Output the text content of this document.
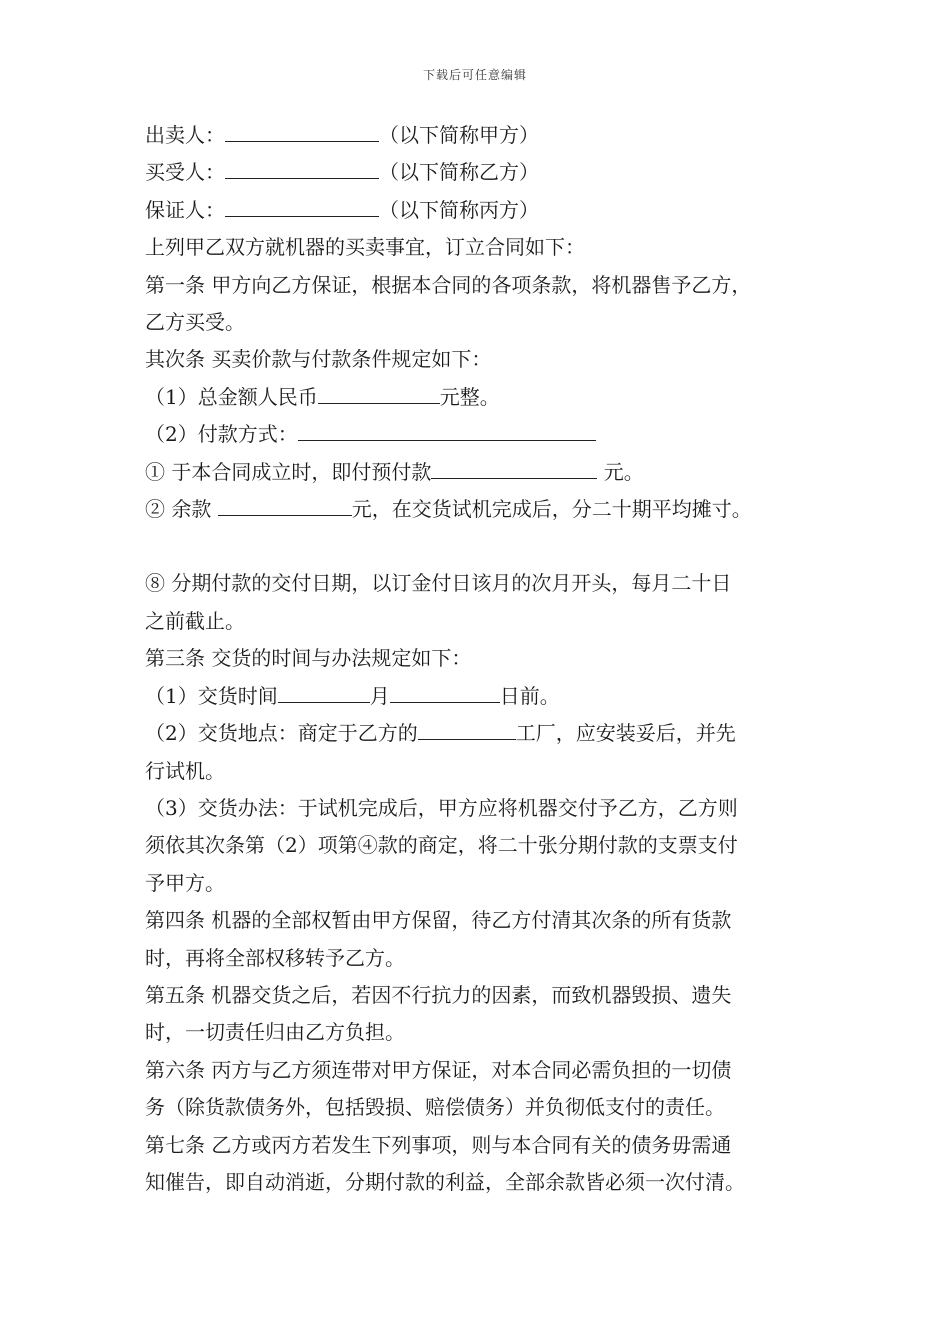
下载后可任意编辑
出卖人：	（以下简称甲方）
买受人：	（以下简称乙方）
保证人：	（以下简称丙方）
上列甲乙双方就机器的买卖事宜，订立合同如下：
第一条 甲方向乙方保证，根据本合同的各项条款，将机器售予乙方，
乙方买受。
其次条 买卖价款与付款条件规定如下：
（1）总金额人民币	元整。
（2）付款方式：
① 于本合同成立时，即付预付款	元。
② 余款	元，在交货试机完成后，分二十期平均摊寸。
⑧ 分期付款的交付日期，以订金付日该月的次月开头，每月二十日
之前截止。
第三条 交货的时间与办法规定如下：
（1）交货时间	月	日前。
（2）交货地点：商定于乙方的	工厂，应安装妥后，并先
行试机。
（3）交货办法：于试机完成后，甲方应将机器交付予乙方，乙方则
须依其次条第（2）项第④款的商定，将二十张分期付款的支票支付
予甲方。
第四条 机器的全部权暂由甲方保留，待乙方付清其次条的所有货款
时，再将全部权移转予乙方。
第五条 机器交货之后，若因不行抗力的因素，而致机器毁损、遗失
时，一切责任归由乙方负担。
第六条 丙方与乙方须连带对甲方保证，对本合同必需负担的一切债
务（除货款债务外，包括毁损、赔偿债务）并负彻低支付的责任。
第七条 乙方或丙方若发生下列事项，则与本合同有关的债务毋需通
知催告，即自动消逝，分期付款的利益，全部余款皆必须一次付清。
